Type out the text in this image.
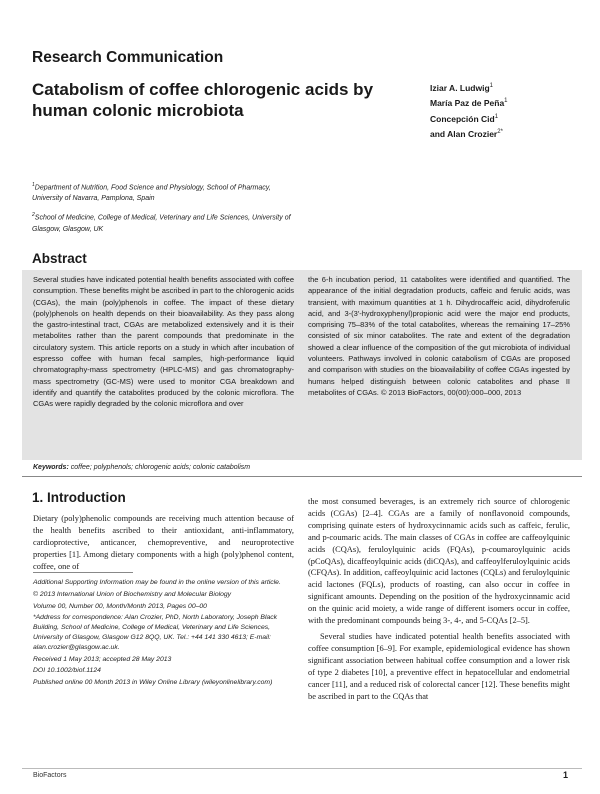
Research Communication
Catabolism of coffee chlorogenic acids by human colonic microbiota
Iziar A. Ludwig$^1$
María Paz de Peña$^1$
Concepción Cid$^1$
and Alan Crozier$^{2*}$

$^1$Department of Nutrition, Food Science and Physiology, School of Pharmacy, University of Navarra, Pamplona, Spain

$^2$School of Medicine, College of Medical, Veterinary and Life Sciences, University of Glasgow, Glasgow, UK

Abstract
Several studies have indicated potential health benefits associated with coffee consumption. These benefits might be ascribed in part to the chlorogenic acids (CGAs), the main (poly)phenols in coffee. The impact of these dietary (poly)phenols on health depends on their bioavailability. As they pass along the gastro-intestinal tract, CGAs are metabolized extensively and it is their metabolites rather than the parent compounds that predominate in the circulatory system. This article reports on a study in which after incubation of espresso coffee with human fecal samples, high-performance liquid chromatography-mass spectrometry (HPLC-MS) and gas chromatography-mass spectrometry (GC-MS) were used to monitor CGA breakdown and identify and quantify the catabolites produced by the colonic microflora. The CGAs were rapidly degraded by the colonic microflora and over
the 6-h incubation period, 11 catabolites were identified and quantified. The appearance of the initial degradation products, caffeic and ferulic acids, was transient, with maximum quantities at 1 h. Dihydrocaffeic acid, dihydroferulic acid, and 3-(3′-hydroxyphenyl)propionic acid were the major end products, comprising 75–83% of the total catabolites, whereas the remaining 17–25% consisted of six minor catabolites. The rate and extent of the degradation showed a clear influence of the composition of the gut microbiota of individual volunteers. Pathways involved in colonic catabolism of CGAs are proposed and comparison with studies on the bioavailability of coffee CGAs ingested by humans helped distinguish between colonic catabolites and phase II metabolites of CGAs. © 2013 BioFactors, 00(00):000–000, 2013
Keywords: coffee; polyphenols; chlorogenic acids; colonic catabolism
1. Introduction

Dietary (poly)phenolic compounds are receiving much attention because of the health benefits ascribed to their antioxidant, anti-inflammatory, cardioprotective, anticancer, chemopreventive, and neuroprotective properties [1]. Among dietary components with a high (poly)phenol content, coffee, one of

the most consumed beverages, is an extremely rich source of chlorogenic acids (CGAs) [2–4]. CGAs are a family of nonflavonoid compounds, comprising quinate esters of hydroxycinnamic acids such as caffeic, ferulic, and p-coumaric acids. The main classes of CGAs in coffee are caffeoylquinic acids (CQAs), feruloylquinic acids (FQAs), p-coumaroylquinic acids (pCoQAs), dicaffeoylquinic acids (diCQAs), and caffeoylferuloylquinic acids (CFQAs). In addition, caffeoylquinic acid lactones (CQLs) and feruloylquinic acid lactones (FQLs), products of roasting, can also occur in coffee in significant amounts. Depending on the position of the hydroxycinnamic acid on the quinic acid moiety, a wide range of different isomers occur in coffee, with the predominant compounds being 3-, 4-, and 5-CQAs [2–5].

Several studies have indicated potential health benefits associated with coffee consumption [6–9]. For example, epidemiological evidence has shown significant association between habitual coffee consumption and a lower risk of type 2 diabetes [10], a preventive effect in hepatocellular and endometrial cancer [11], and a reduced risk of colorectal cancer [12]. These benefits might be ascribed in part to the CQAs that

Additional Supporting Information may be found in the online version of this article.

© 2013 International Union of Biochemistry and Molecular Biology

Volume 00, Number 00, Month/Month 2013, Pages 00–00

*Address for correspondence: Alan Crozier, PhD, North Laboratory, Joseph Black Building, School of Medicine, College of Medical, Veterinary and Life Sciences, University of Glasgow, Glasgow G12 8QQ, UK. Tel.: +44 141 330 4613; E-mail: alan.crozier@glasgow.ac.uk.

Received 1 May 2013; accepted 28 May 2013

DOI 10.1002/biof.1124

Published online 00 Month 2013 in Wiley Online Library (wileyonlinelibrary.com)

BioFactors	1
